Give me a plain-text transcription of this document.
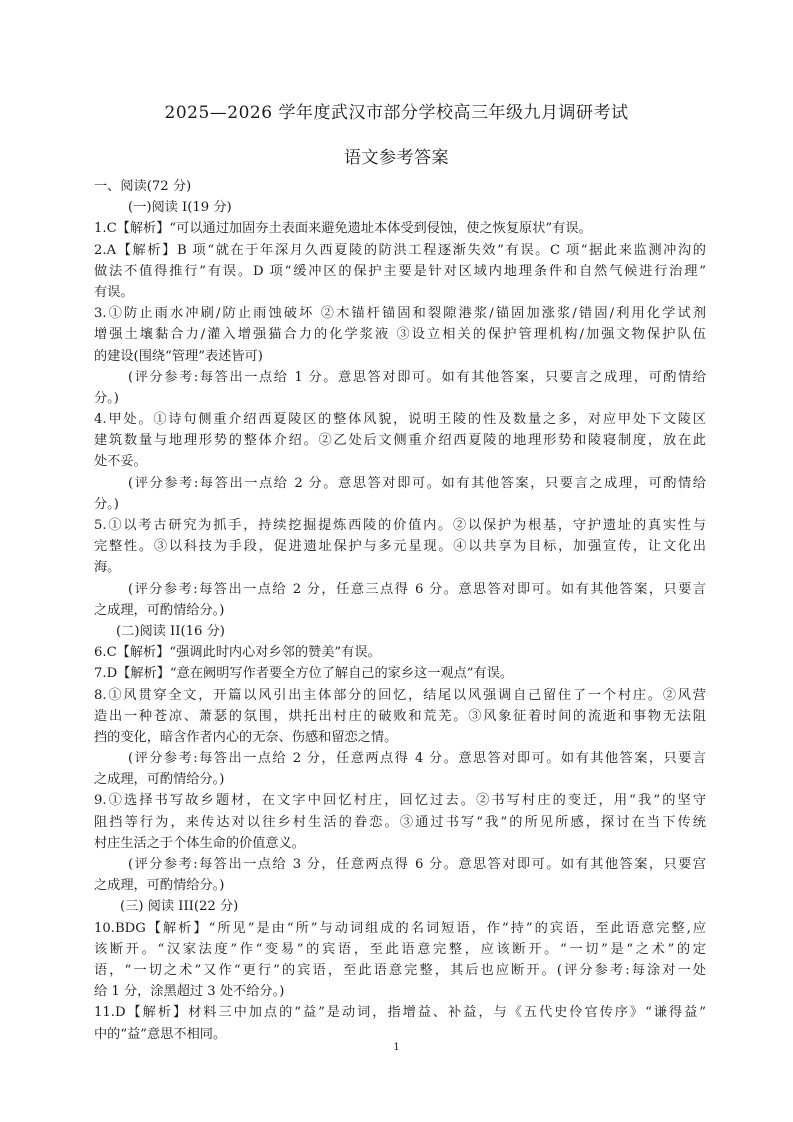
2025—2026 学年度武汉市部分学校高三年级九月调研考试
语文参考答案
一、阅读(72 分)
(一)阅读 I(19 分)
1.C【解析】“可以通过加固夯土表面来避免遗址本体受到侵蚀，使之恢复原状”有误。
2.A【解析】B 项“就在于年深月久西夏陵的防洪工程逐渐失效”有误。C 项“据此来监测冲沟的
做法不值得推行”有误。D 项“缓冲区的保护主要是针对区域内地理条件和自然气候进行治理”
有误。
3.①防止雨水冲刷/防止雨蚀破坏 ②木锚杆锚固和裂隙港浆/锚固加涨浆/错固/利用化学试剂
增强土壤黏合力/灌入增强猫合力的化学浆液 ③设立相关的保护管理机构/加强文物保护队伍
的建设(围绕“管理”表述皆可)
(评分参考:每答出一点给 1 分。意思答对即可。如有其他答案，只要言之成理，可酌情给
分。)
4.甲处。①诗句侧重介绍西夏陵区的整体风貌，说明王陵的性及数量之多，对应甲处下文陵区
建筑数量与地理形势的整体介绍。②乙处后文侧重介绍西夏陵的地理形势和陵寝制度，放在此
处不妥。
(评分参考:每答出一点给 2 分。意思答对即可。如有其他答案，只要言之成理，可酌情给
分。)
5.①以考古研究为抓手，持续挖掘提炼西陵的价值内。②以保护为根基，守护遗址的真实性与
完整性。③以科技为手段，促进遗址保护与多元星现。④以共享为目标，加强宣传，让文化出
海。
(评分参考:每答出一点给 2 分，任意三点得 6 分。意思答对即可。如有其他答案，只要言
之成理，可酌情给分。)
(二)阅读 II(16 分)
6.C【解析】“强调此时内心对乡邻的赞美”有误。
7.D【解析】“意在阙明写作者要全方位了解自己的家乡这一观点”有误。
8.①风贯穿全文，开篇以风引出主体部分的回忆，结尾以风强调自己留住了一个村庄。②风营
造出一种苍凉、萧瑟的氛围，烘托出村庄的破败和荒芜。③风象征着时间的流逝和事物无法阻
挡的变化，暗含作者内心的无奈、伤感和留恋之情。
(评分参考:每答出一点给 2 分，任意两点得 4 分。意思答对即可。如有其他答案，只要言
之成理，可酌情给分。)
9.①选择书写故乡题材，在文字中回忆村庄，回忆过去。②书写村庄的变迁，用“我”的坚守
阻挡等行为，来传达对以往乡村生活的眷恋。③通过书写“我”的所见所感，探讨在当下传统
村庄生活之于个体生命的价值意义。
(评分参考:每答出一点给 3 分，任意两点得 6 分。意思答对即可。如有其他答案，只要宫
之成理，可酌情给分。)
(三) 阅读 III(22 分)
10.BDG【解析】“所见”是由“所”与动词组成的名词短语，作“持”的宾语，至此语意完整,应
该断开。“汉家法度”作“变易”的宾语，至此语意完整，应该断开。“一切”是“之术”的定
语，“一切之术”又作“更行”的宾语，至此语意完整，其后也应断开。(评分参考:每涂对一处
给 1 分，涂黑超过 3 处不给分。)
11.D【解析】材料三中加点的“益”是动词，指增益、补益，与《五代史伶官传序》“谦得益”
中的“益”意思不相同。
1
